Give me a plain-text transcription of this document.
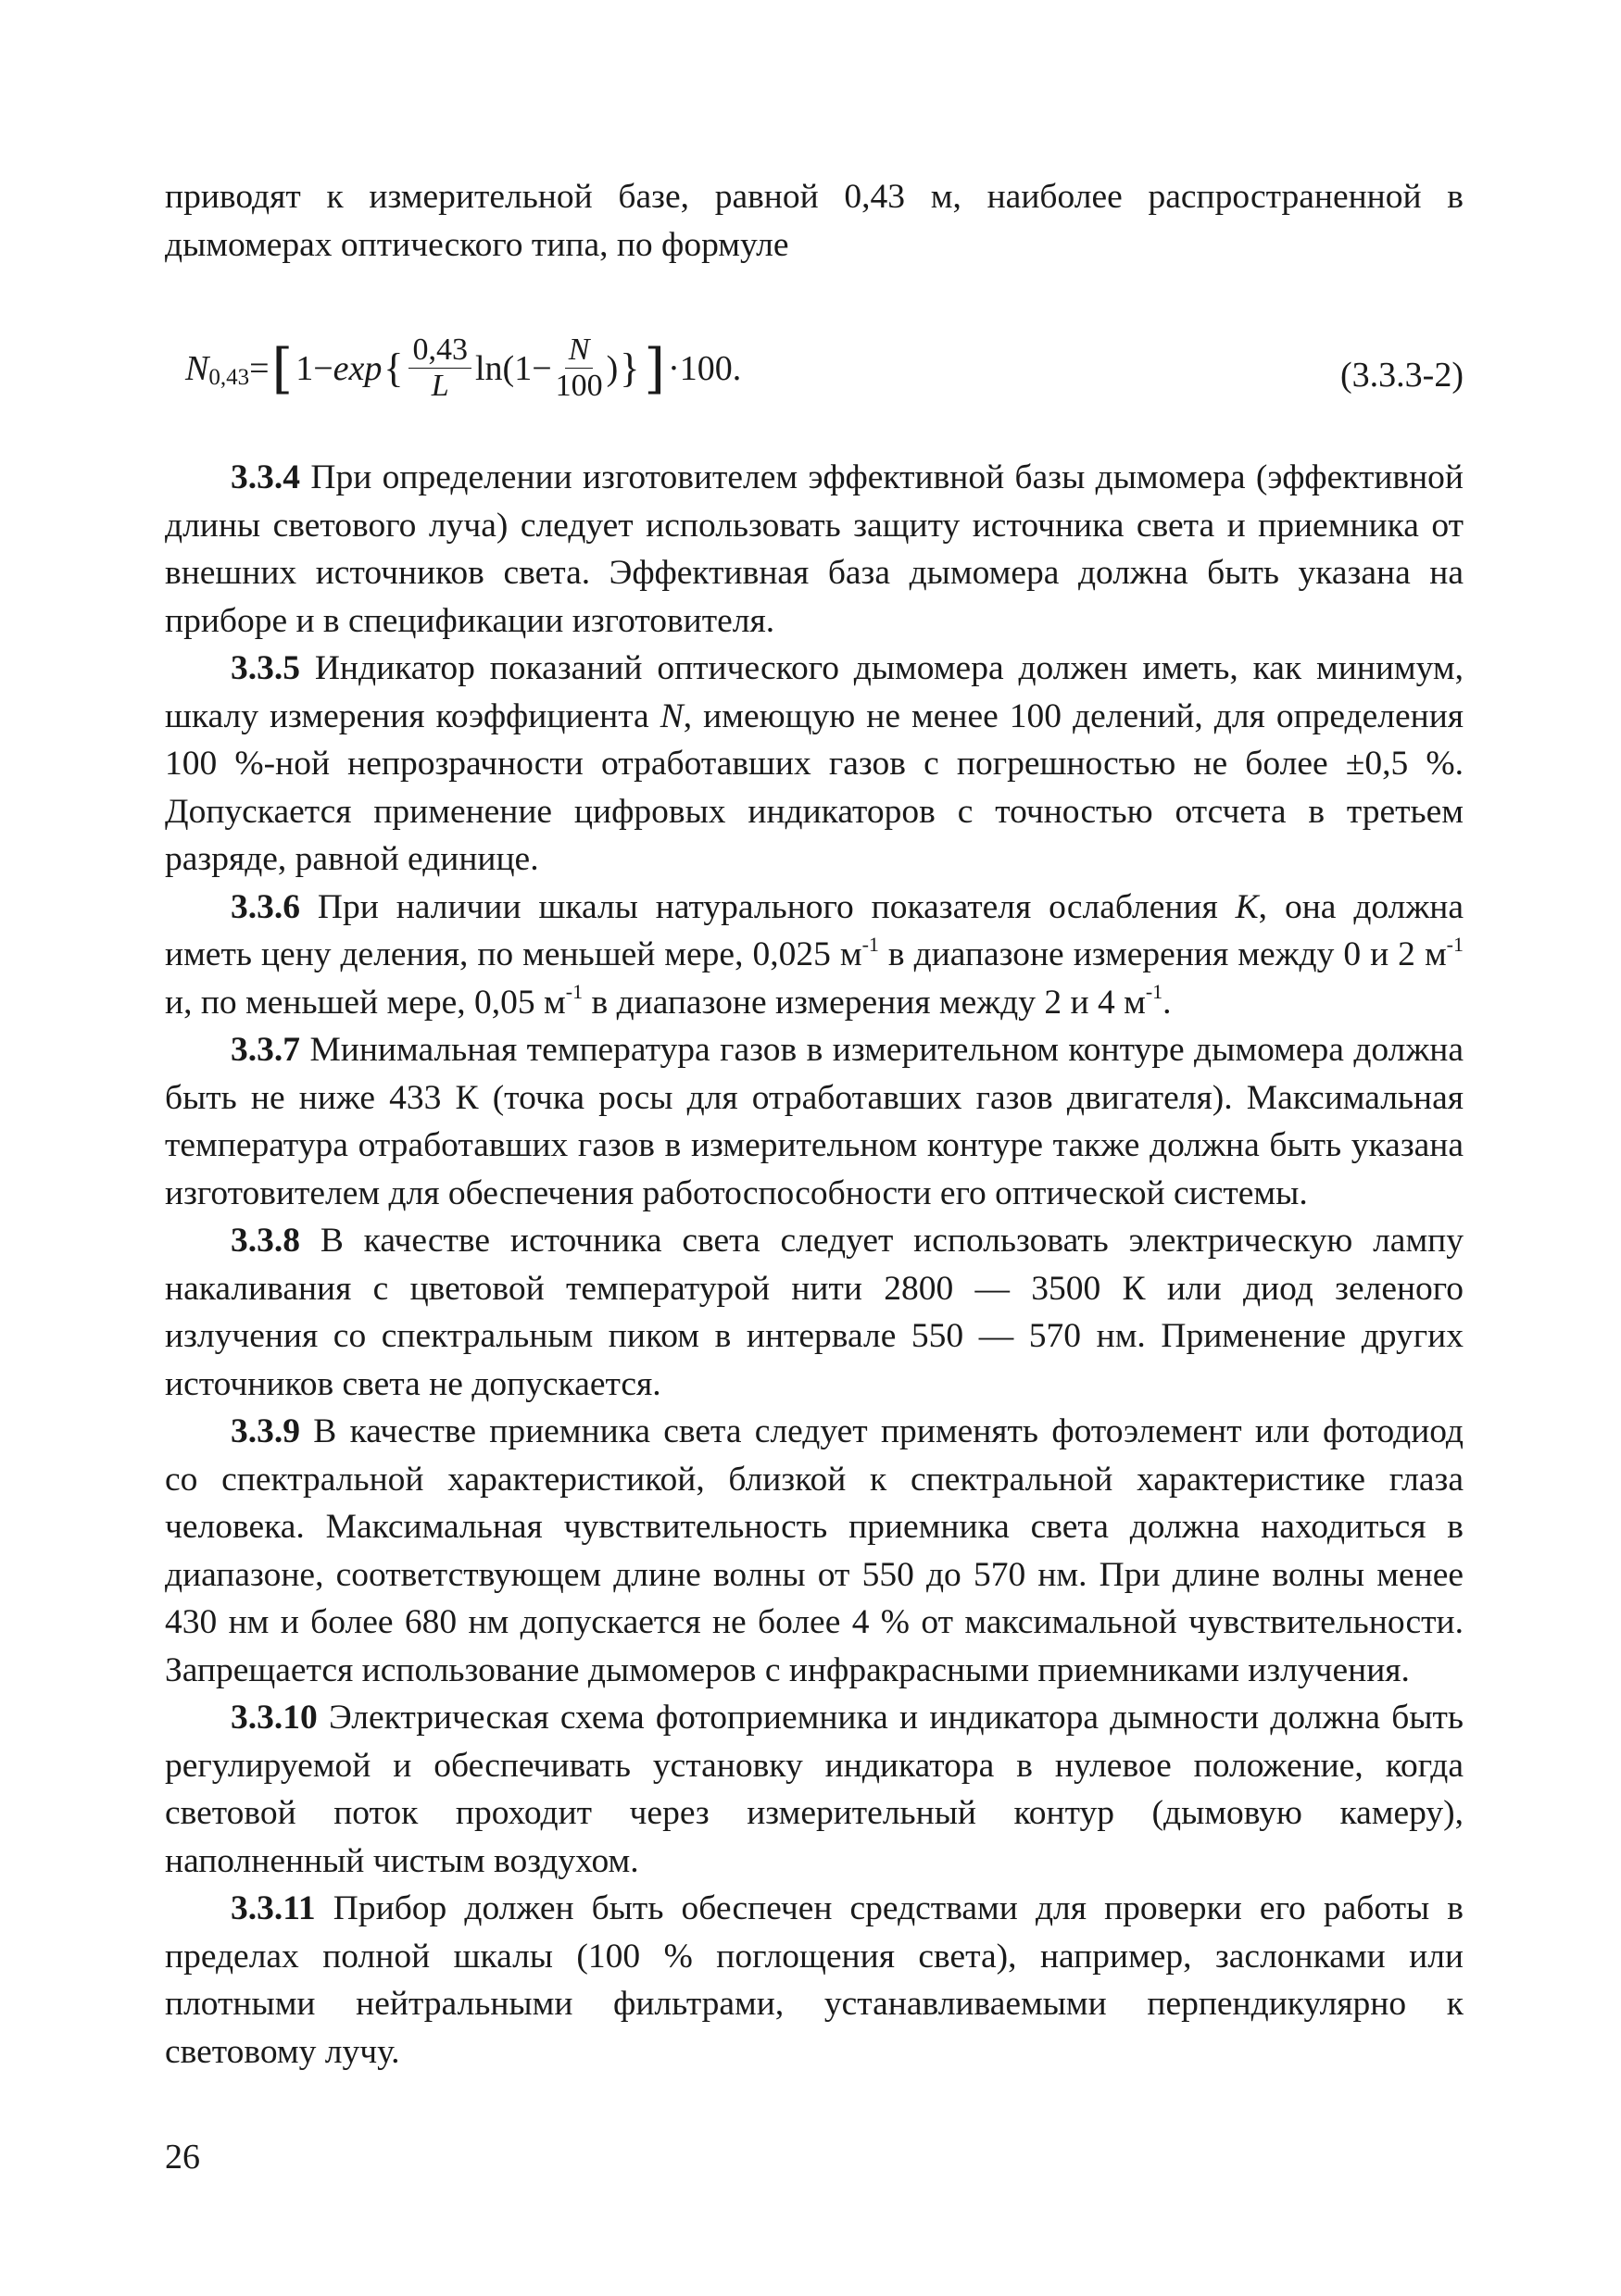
приводят к измерительной базе, равной 0,43 м, наиболее распространенной в дымомерах оптического типа, по формуле

N 0,43 = [ 1 − exp { $\frac{0,43}{L} \ln(1 - \frac{N}{100}$ ) } ] ·100.	(3.3.3-2)

3.3.4 При определении изготовителем эффективной базы дымомера (эффективной длины светового луча) следует использовать защиту источника света и приемника от внешних источников света. Эффективная база дымомера должна быть указана на приборе и в спецификации изготовителя.

3.3.5 Индикатор показаний оптического дымомера должен иметь, как минимум, шкалу измерения коэффициента N, имеющую не менее 100 делений, для определения 100 %-ной непрозрачности отработавших газов с погрешностью не более ±0,5 %. Допускается применение цифровых индикаторов с точностью отсчета в третьем разряде, равной единице.

3.3.6 При наличии шкалы натурального показателя ослабления K, она должна иметь цену деления, по меньшей мере, 0,025 $м^{-1}$ в диапазоне измерения между 0 и 2 $м^{-1}$ и, по меньшей мере, 0,05 $м^{-1}$ в диапазоне измерения между 2 и 4 $м^{-1}$.

3.3.7 Минимальная температура газов в измерительном контуре дымомера должна быть не ниже 433 К (точка росы для отработавших газов двигателя). Максимальная температура отработавших газов в измерительном контуре также должна быть указана изготовителем для обеспечения работоспособности его оптической системы.

3.3.8 В качестве источника света следует использовать электрическую лампу накаливания с цветовой температурой нити 2800 — 3500 К или диод зеленого излучения со спектральным пиком в интервале 550 — 570 нм. Применение других источников света не допускается.

3.3.9 В качестве приемника света следует применять фотоэлемент или фотодиод со спектральной характеристикой, близкой к спектральной характеристике глаза человека. Максимальная чувствительность приемника света должна находиться в диапазоне, соответствующем длине волны от 550 до 570 нм. При длине волны менее 430 нм и более 680 нм допускается не более 4 % от максимальной чувствительности. Запрещается использование дымомеров с инфракрасными приемниками излучения.

3.3.10 Электрическая схема фотоприемника и индикатора дымности должна быть регулируемой и обеспечивать установку индикатора в нулевое положение, когда световой поток проходит через измерительный контур (дымовую камеру), наполненный чистым воздухом.

3.3.11 Прибор должен быть обеспечен средствами для проверки его работы в пределах полной шкалы (100 % поглощения света), например, заслонками или плотными нейтральными фильтрами, устанавливаемыми перпендикулярно к световому лучу.

26
